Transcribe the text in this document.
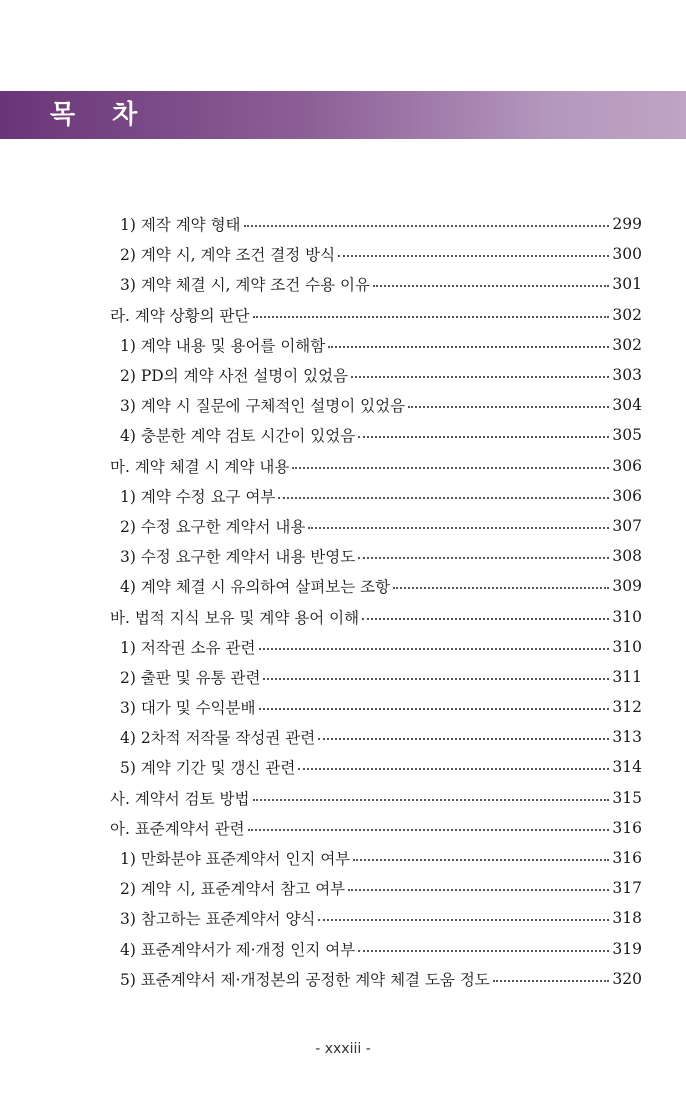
목 차
1) 제작 계약 형태	299
2) 계약 시, 계약 조건 결정 방식	300
3) 계약 체결 시, 계약 조건 수용 이유	301
라. 계약 상황의 판단	302
1) 계약 내용 및 용어를 이해함	302
2) PD의 계약 사전 설명이 있었음	303
3) 계약 시 질문에 구체적인 설명이 있었음	304
4) 충분한 계약 검토 시간이 있었음	305
마. 계약 체결 시 계약 내용	306
1) 계약 수정 요구 여부	306
2) 수정 요구한 계약서 내용	307
3) 수정 요구한 계약서 내용 반영도	308
4) 계약 체결 시 유의하여 살펴보는 조항	309
바. 법적 지식 보유 및 계약 용어 이해	310
1) 저작권 소유 관련	310
2) 출판 및 유통 관련	311
3) 대가 및 수익분배	312
4) 2차적 저작물 작성권 관련	313
5) 계약 기간 및 갱신 관련	314
사. 계약서 검토 방법	315
아. 표준계약서 관련	316
1) 만화분야 표준계약서 인지 여부	316
2) 계약 시, 표준계약서 참고 여부	317
3) 참고하는 표준계약서 양식	318
4) 표준계약서가 제·개정 인지 여부	319
5) 표준계약서 제·개정본의 공정한 계약 체결 도움 정도	320
- xxxiii -
